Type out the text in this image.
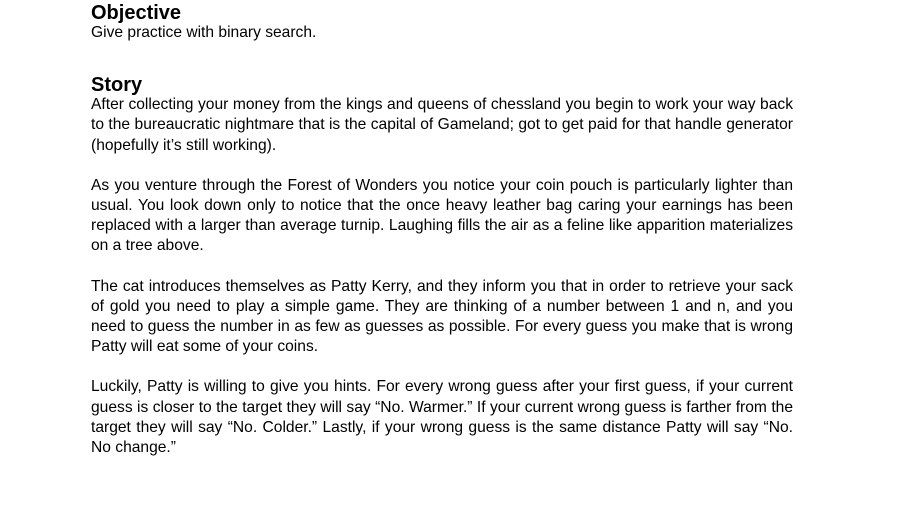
Objective

Give practice with binary search.

Story

After collecting your money from the kings and queens of chessland you begin to work your way back to the bureaucratic nightmare that is the capital of Gameland; got to get paid for that handle generator (hopefully it’s still working).

As you venture through the Forest of Wonders you notice your coin pouch is particularly lighter than usual. You look down only to notice that the once heavy leather bag caring your earnings has been replaced with a larger than average turnip. Laughing fills the air as a feline like apparition materializes on a tree above.

The cat introduces themselves as Patty Kerry, and they inform you that in order to retrieve your sack of gold you need to play a simple game. They are thinking of a number between 1 and n, and you need to guess the number in as few as guesses as possible. For every guess you make that is wrong Patty will eat some of your coins.

Luckily, Patty is willing to give you hints. For every wrong guess after your first guess, if your current guess is closer to the target they will say “No. Warmer.” If your current wrong guess is farther from the target they will say “No. Colder.” Lastly, if your wrong guess is the same distance Patty will say “No. No change.”
